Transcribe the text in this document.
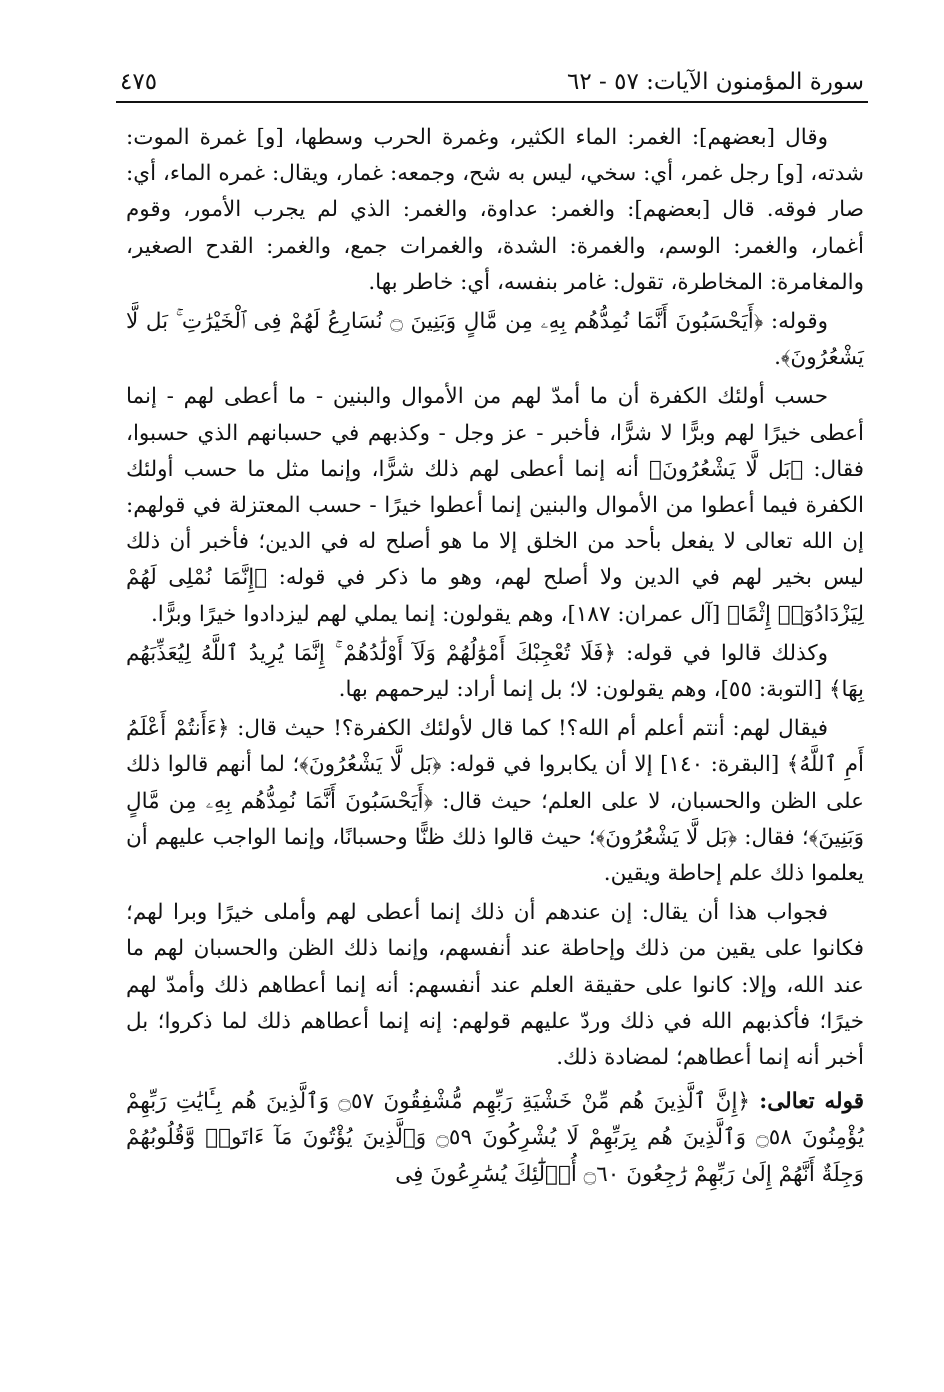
سورة المؤمنون الآيات: ٥٧ - ٦٢
٤٧٥

وقال [بعضهم]: الغمر: الماء الكثير، وغمرة الحرب وسطها، [و] غمرة الموت: شدته، [و] رجل غمر، أي: سخي، ليس به شح، وجمعه: غمار، ويقال: غمره الماء، أي: صار فوقه. قال [بعضهم]: والغمر: عداوة، والغمر: الذي لم يجرب الأمور، وقوم أغمار، والغمر: الوسم، والغمرة: الشدة، والغمرات جمع، والغمر: القدح الصغير، والمغامرة: المخاطرة، تقول: غامر بنفسه، أي: خاطر بها.

وقوله: ﴿أَيَحْسَبُونَ أَنَّمَا نُمِدُّهُم بِهِۦ مِن مَّالٍ وَبَنِينَ ۝ نُسَارِعُ لَهُمْ فِى ٱلْخَيْرَٰتِ ۚ بَل لَّا يَشْعُرُونَ﴾.

حسب أولئك الكفرة أن ما أمدّ لهم من الأموال والبنين - ما أعطى لهم - إنما أعطى خيرًا لهم وبرًّا لا شرًّا، فأخبر - عز وجل - وكذبهم في حسبانهم الذي حسبوا، فقال: ﴿بَل لَّا يَشْعُرُونَ﴾ أنه إنما أعطى لهم ذلك شرًّا، وإنما مثل ما حسب أولئك الكفرة فيما أعطوا من الأموال والبنين إنما أعطوا خيرًا - حسب المعتزلة في قولهم: إن الله تعالى لا يفعل بأحد من الخلق إلا ما هو أصلح له في الدين؛ فأخبر أن ذلك ليس بخير لهم في الدين ولا أصلح لهم، وهو ما ذكر في قوله: ﴿إِنَّمَا نُمْلِى لَهُمْ لِيَزْدَادُوٓا۟ إِثْمًا﴾ [آل عمران: ١٨٧]، وهم يقولون: إنما يملي لهم ليزدادوا خيرًا وبرًّا.

وكذلك قالوا في قوله: ﴿فَلَا تُعْجِبْكَ أَمْوَٰلُهُمْ وَلَآ أَوْلَٰدُهُمْ ۚ إِنَّمَا يُرِيدُ ٱللَّهُ لِيُعَذِّبَهُم بِهَا﴾ [التوبة: ٥٥]، وهم يقولون: لا؛ بل إنما أراد: ليرحمهم بها.

فيقال لهم: أنتم أعلم أم الله؟! كما قال لأولئك الكفرة؟! حيث قال: ﴿ءَأَنتُمْ أَعْلَمُ أَمِ ٱللَّهُ﴾ [البقرة: ١٤٠] إلا أن يكابروا في قوله: ﴿بَل لَّا يَشْعُرُونَ﴾؛ لما أنهم قالوا ذلك على الظن والحسبان، لا على العلم؛ حيث قال: ﴿أَيَحْسَبُونَ أَنَّمَا نُمِدُّهُم بِهِۦ مِن مَّالٍ وَبَنِينَ﴾؛ فقال: ﴿بَل لَّا يَشْعُرُونَ﴾؛ حيث قالوا ذلك ظنًّا وحسبانًا، وإنما الواجب عليهم أن يعلموا ذلك علم إحاطة ويقين.

فجواب هذا أن يقال: إن عندهم أن ذلك إنما أعطى لهم وأملى خيرًا وبرا لهم؛ فكانوا على يقين من ذلك وإحاطة عند أنفسهم، وإنما ذلك الظن والحسبان لهم ما عند الله، وإلا: كانوا على حقيقة العلم عند أنفسهم: أنه إنما أعطاهم ذلك وأمدّ لهم خيرًا؛ فأكذبهم الله في ذلك وردّ عليهم قولهم: إنه إنما أعطاهم ذلك لما ذكروا؛ بل أخبر أنه إنما أعطاهم؛ لمضادة ذلك.

قوله تعالى: ﴿إِنَّ ٱلَّذِينَ هُم مِّنْ خَشْيَةِ رَبِّهِم مُّشْفِقُونَ ۝٥٧ وَٱلَّذِينَ هُم بِـَٔايَٰتِ رَبِّهِمْ يُؤْمِنُونَ ۝٥٨ وَٱلَّذِينَ هُم بِرَبِّهِمْ لَا يُشْرِكُونَ ۝٥٩ وَٱلَّذِينَ يُؤْتُونَ مَآ ءَاتَوا۟ وَّقُلُوبُهُمْ وَجِلَةٌ أَنَّهُمْ إِلَىٰ رَبِّهِمْ رَٰجِعُونَ ۝٦٠ أُو۟لَٰٓئِكَ يُسَٰرِعُونَ فِى
